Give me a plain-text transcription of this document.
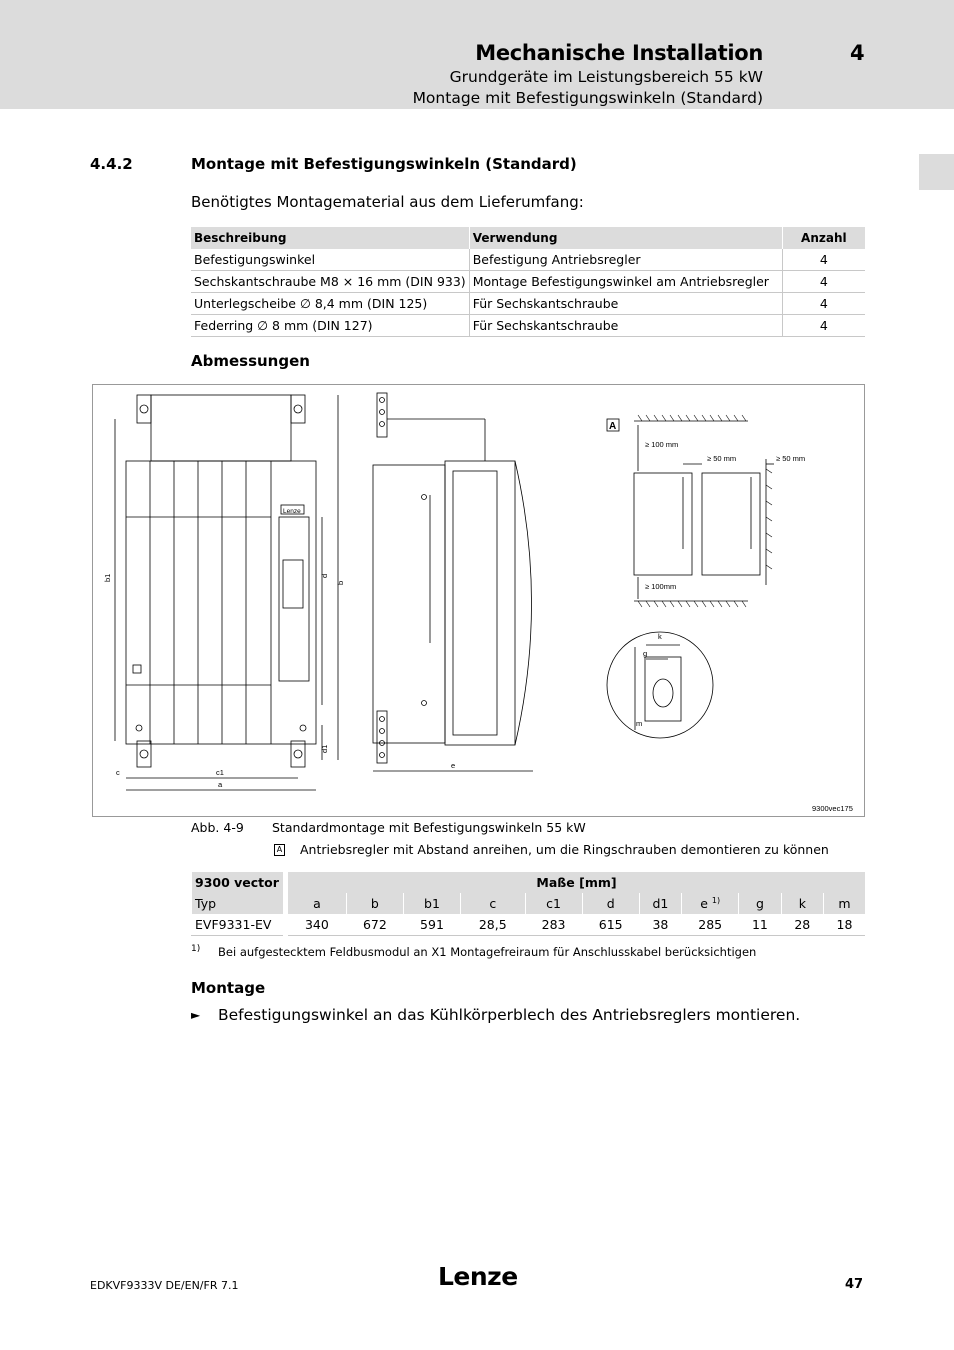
Mechanische Installation	4
Grundgeräte im Leistungsbereich 55 kW
Montage mit Befestigungswinkeln (Standard)
4.4.2	Montage mit Befestigungswinkeln (Standard)
Benötigtes Montagematerial aus dem Lieferumfang:
Beschreibung	Verwendung	Anzahl
Befestigungswinkel	Befestigung Antriebsregler	4
Sechskantschraube M8 × 16 mm (DIN 933)	Montage Befestigungswinkel am Antriebsregler	4
Unterlegscheibe ∅ 8,4 mm (DIN 125)	Für Sechskantschraube	4
Federring ∅ 8 mm (DIN 127)	Für Sechskantschraube	4
Abmessungen
b1	d
b
d1
c	c1
a
e
Lenze
≥ 100 mm
≥ 50 mm	≥ 50 mm
≥ 100mm
k
g
m
9300vec175
A
Abb. 4-9 Standardmontage mit Befestigungswinkeln 55 kW
A Antriebsregler mit Abstand anreihen, um die Ringschrauben demontieren zu können
9300 vector	Maße [mm]										
Typ	a	b	b1	c	c1	d	d1	e $^{1)}$	g	k	m
EVF9331-EV	340	672	591	28,5	283	615	38	285	11	28	18
1) Bei aufgestecktem Feldbusmodul an X1 Montagefreiraum für Anschlusskabel berücksichtigen
Montage
► Befestigungswinkel an das Kühlkörperblech des Antriebsreglers montieren.
EDKVF9333V DE/EN/FR 7.1	Lenze	47
